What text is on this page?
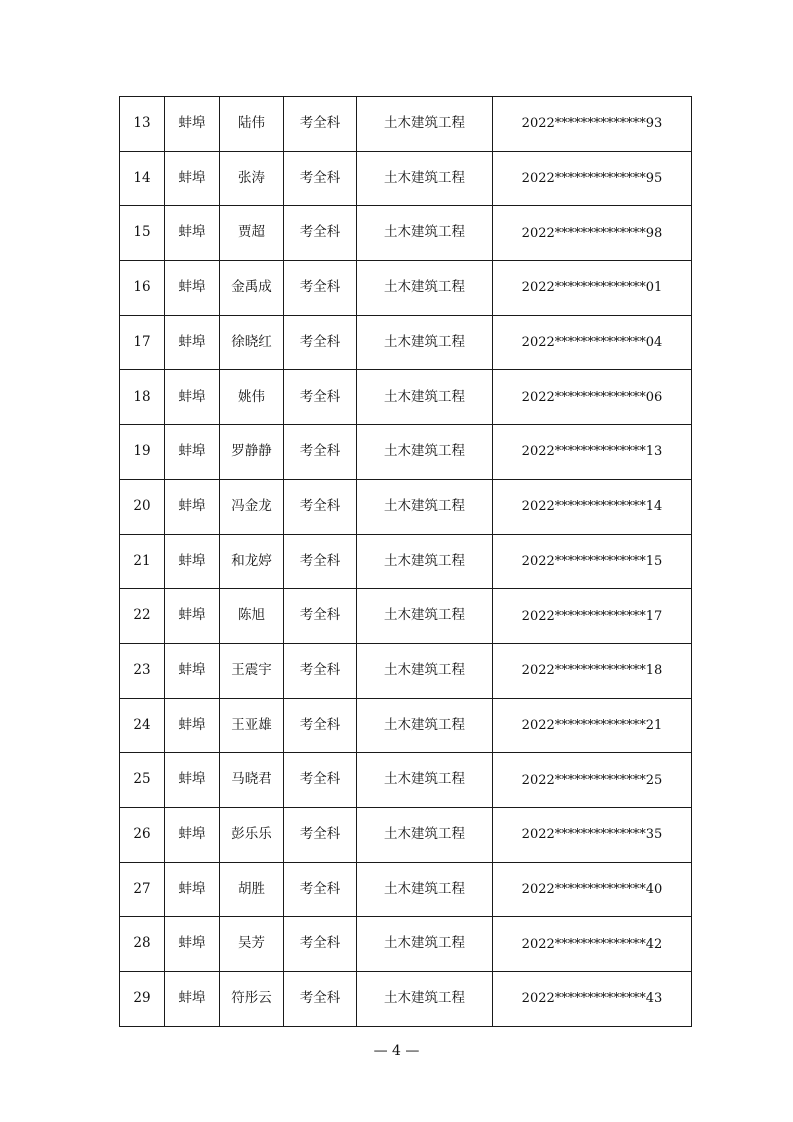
13	蚌埠	陆伟	考全科	土木建筑工程	2022**************93
14	蚌埠	张涛	考全科	土木建筑工程	2022**************95
15	蚌埠	贾超	考全科	土木建筑工程	2022**************98
16	蚌埠	金禹成	考全科	土木建筑工程	2022**************01
17	蚌埠	徐晓红	考全科	土木建筑工程	2022**************04
18	蚌埠	姚伟	考全科	土木建筑工程	2022**************06
19	蚌埠	罗静静	考全科	土木建筑工程	2022**************13
20	蚌埠	冯金龙	考全科	土木建筑工程	2022**************14
21	蚌埠	和龙婷	考全科	土木建筑工程	2022**************15
22	蚌埠	陈旭	考全科	土木建筑工程	2022**************17
23	蚌埠	王震宇	考全科	土木建筑工程	2022**************18
24	蚌埠	王亚雄	考全科	土木建筑工程	2022**************21
25	蚌埠	马晓君	考全科	土木建筑工程	2022**************25
26	蚌埠	彭乐乐	考全科	土木建筑工程	2022**************35
27	蚌埠	胡胜	考全科	土木建筑工程	2022**************40
28	蚌埠	吴芳	考全科	土木建筑工程	2022**************42
29	蚌埠	符彤云	考全科	土木建筑工程	2022**************43
— 4 —
